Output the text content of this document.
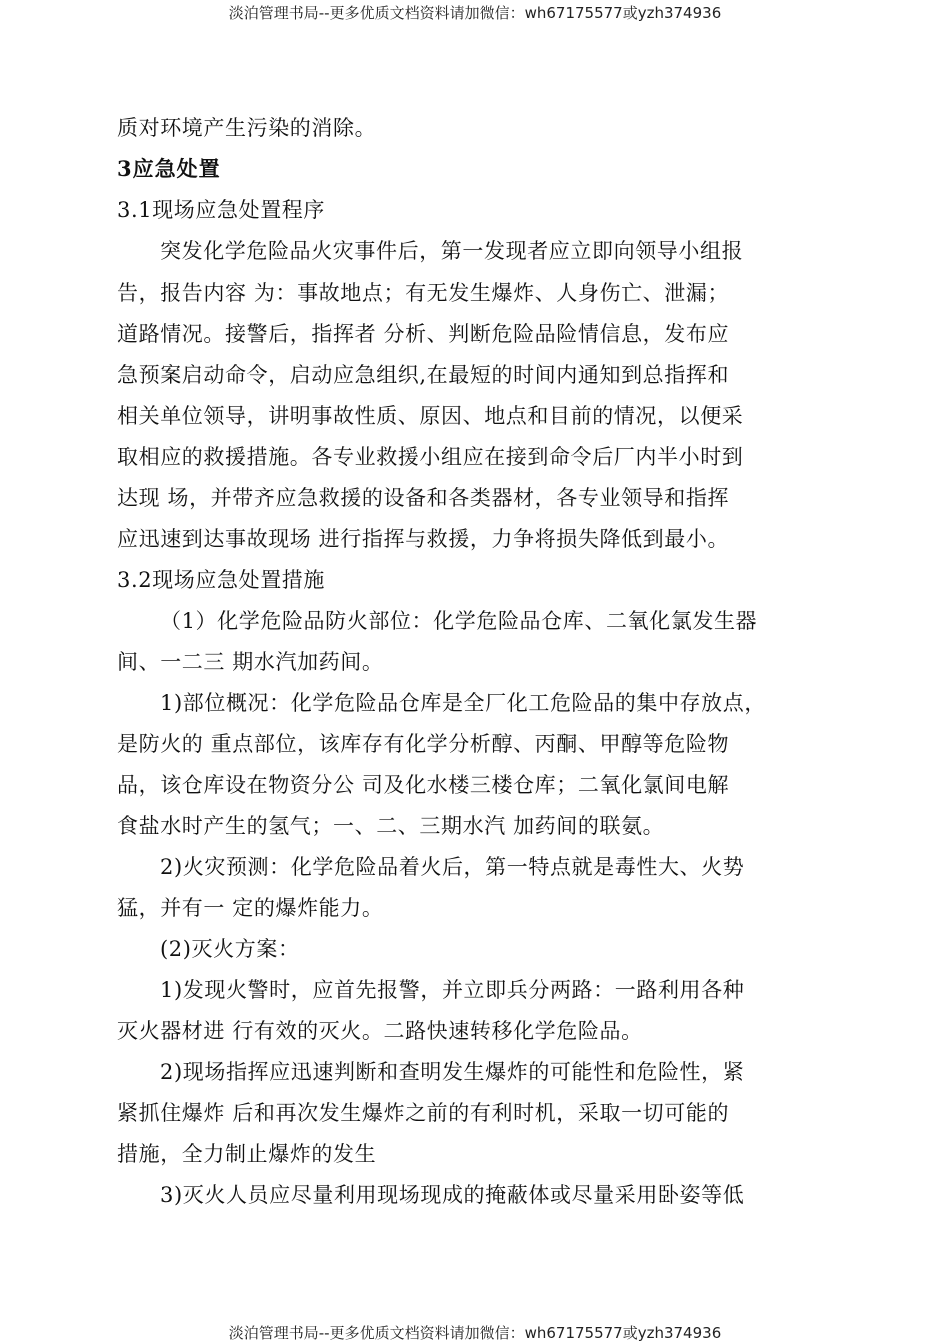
淡泊管理书局--更多优质文档资料请加微信：wh67175577或yzh374936
质对环境产生污染的消除。
3应急处置
3.1现场应急处置程序
突发化学危险品火灾事件后，第一发现者应立即向领导小组报
告，报告内容 为：事故地点；有无发生爆炸、人身伤亡、泄漏；
道路情况。接警后，指挥者 分析、判断危险品险情信息，发布应
急预案启动命令，启动应急组织,在最短的时间内通知到总指挥和
相关单位领导，讲明事故性质、原因、地点和目前的情况，以便采
取相应的救援措施。各专业救援小组应在接到命令后厂内半小时到
达现 场，并带齐应急救援的设备和各类器材，各专业领导和指挥
应迅速到达事故现场 进行指挥与救援，力争将损失降低到最小。
3.2现场应急处置措施
（1）化学危险品防火部位：化学危险品仓库、二氧化氯发生器
间、一二三 期水汽加药间。
1)部位概况：化学危险品仓库是全厂化工危险品的集中存放点，
是防火的 重点部位，该库存有化学分析醇、丙酮、甲醇等危险物
品，该仓库设在物资分公 司及化水楼三楼仓库；二氧化氯间电解
食盐水时产生的氢气；一、二、三期水汽 加药间的联氨。
2)火灾预测：化学危险品着火后，第一特点就是毒性大、火势
猛，并有一 定的爆炸能力。
(2)灭火方案：
1)发现火警时，应首先报警，并立即兵分两路：一路利用各种
灭火器材进 行有效的灭火。二路快速转移化学危险品。
2)现场指挥应迅速判断和查明发生爆炸的可能性和危险性，紧
紧抓住爆炸 后和再次发生爆炸之前的有利时机，采取一切可能的
措施，全力制止爆炸的发生
3)灭火人员应尽量利用现场现成的掩蔽体或尽量采用卧姿等低
淡泊管理书局--更多优质文档资料请加微信：wh67175577或yzh374936
